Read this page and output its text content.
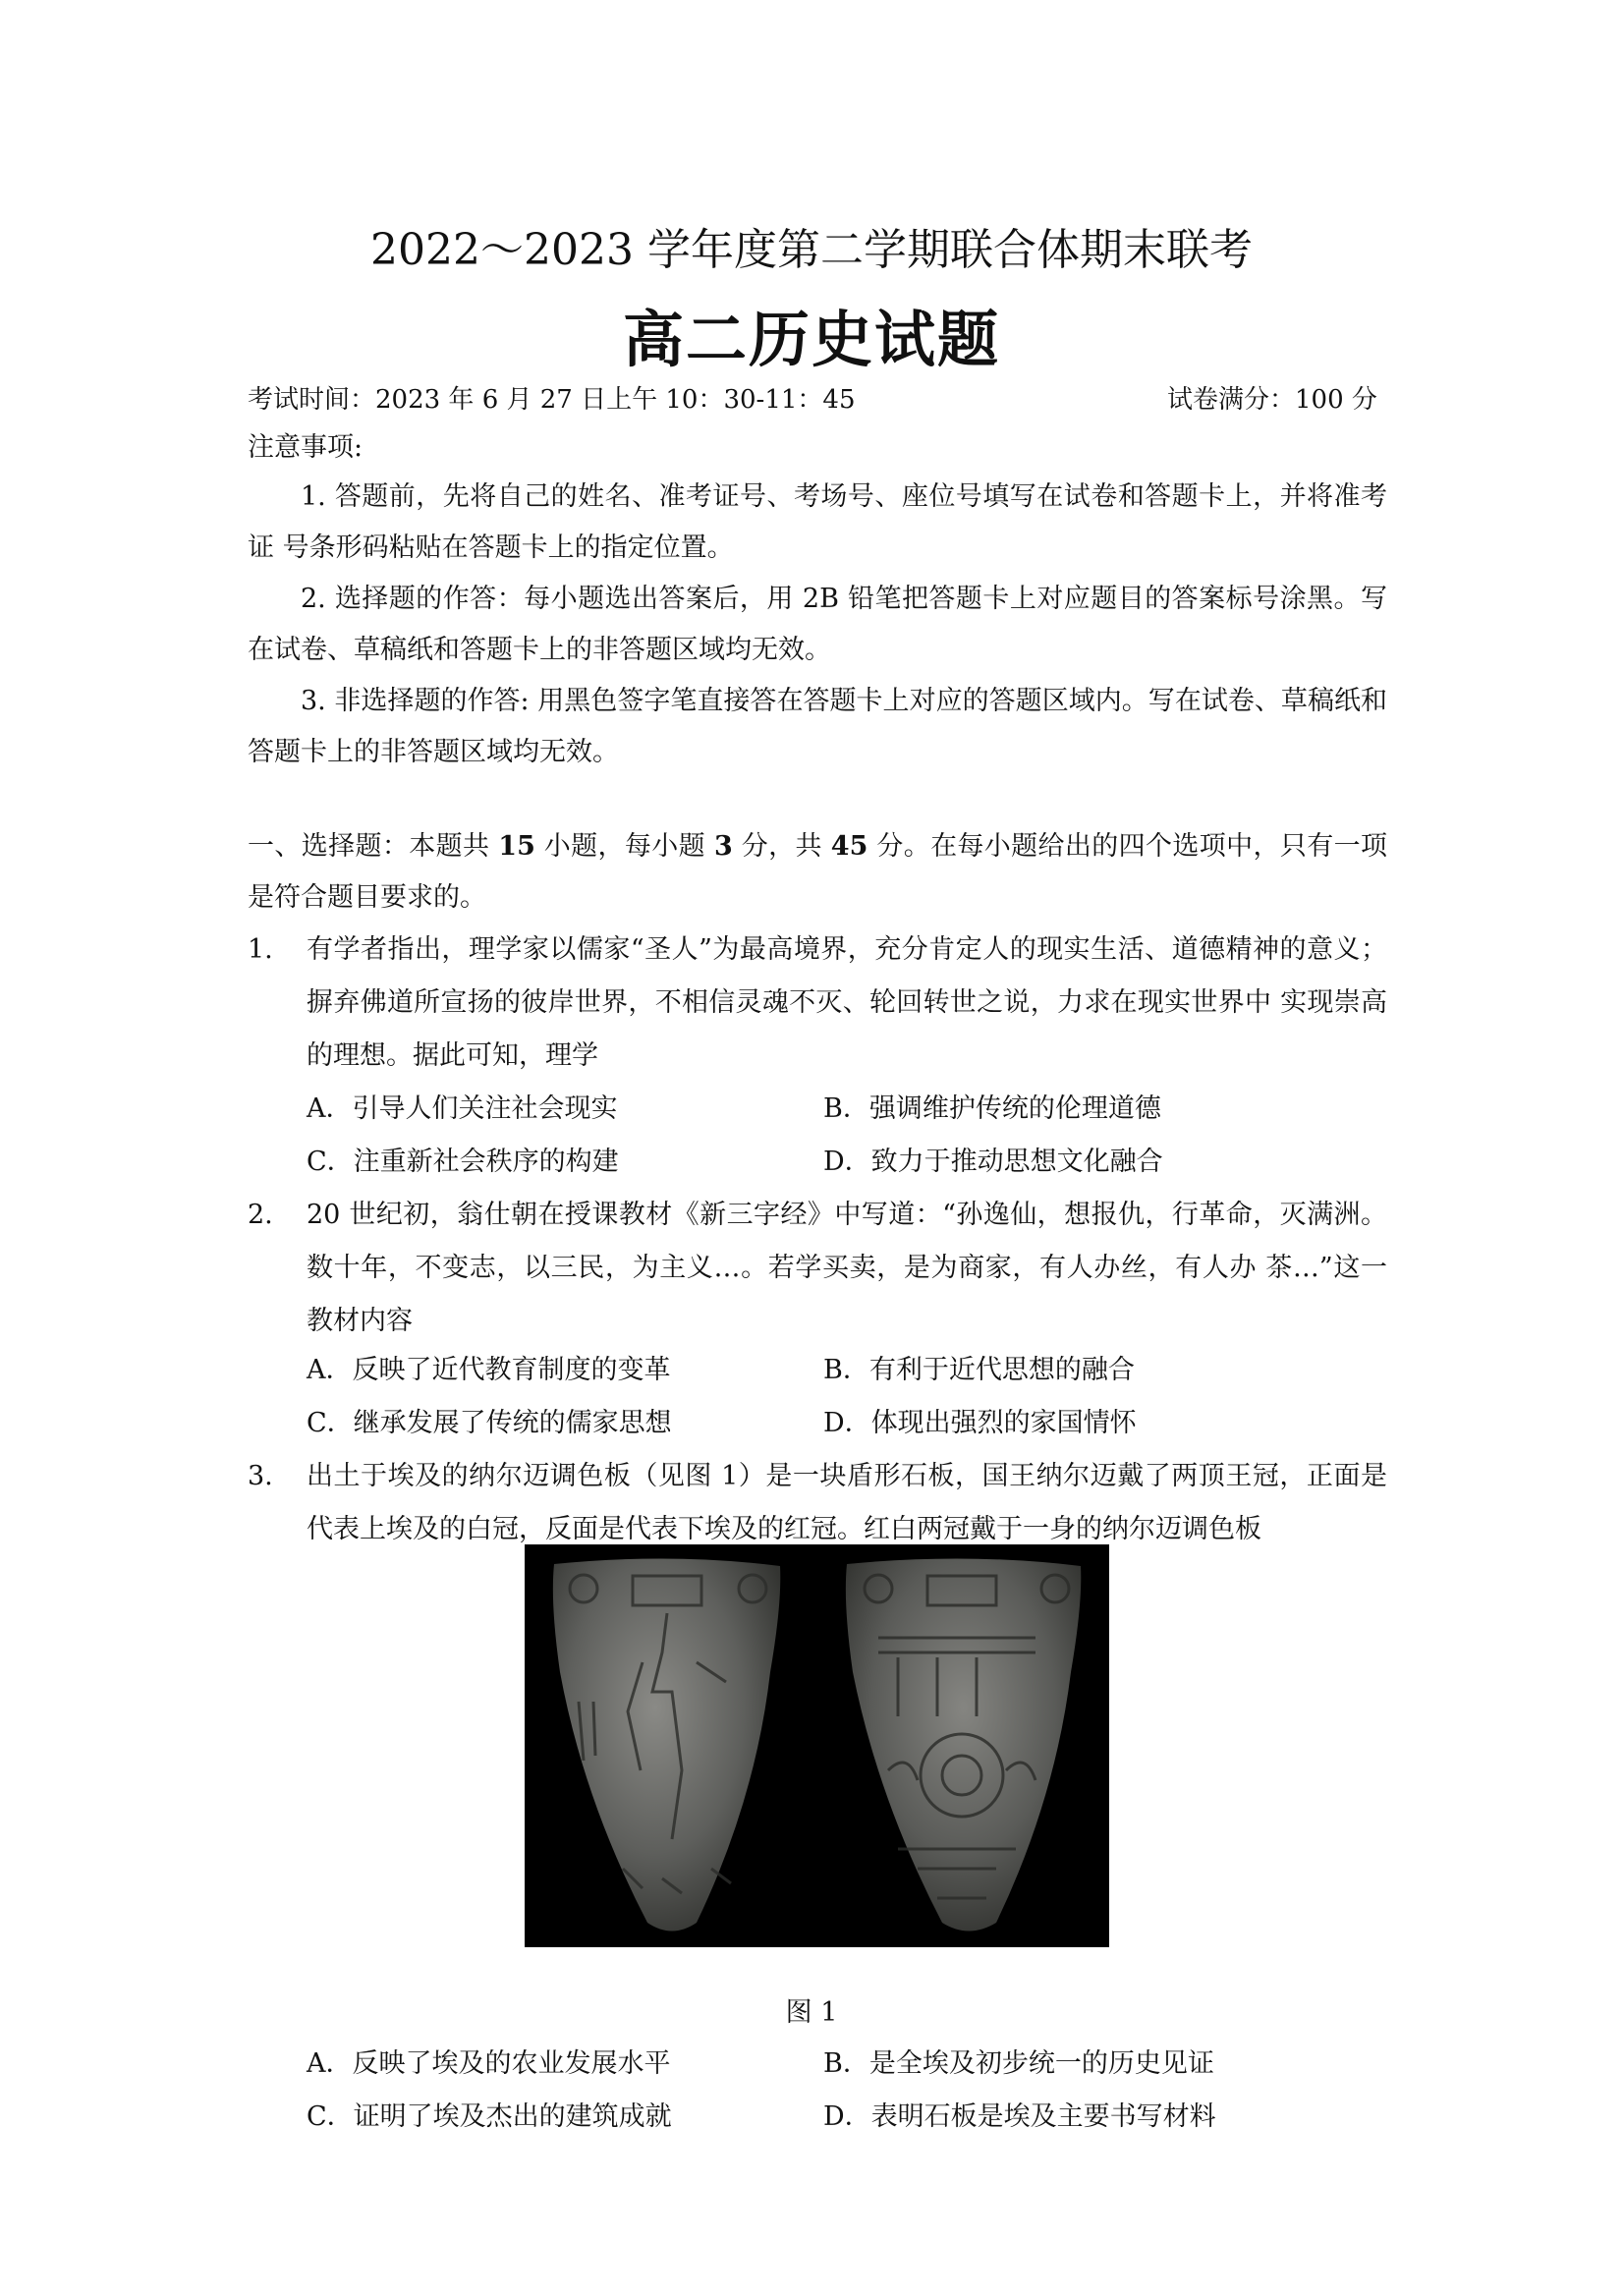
2022～2023 学年度第二学期联合体期末联考
高二历史试题
考试时间：2023 年 6 月 27 日上午 10：30-11：45	试卷满分：100 分
注意事项:
1. 答题前，先将自己的姓名、准考证号、考场号、座位号填写在试卷和答题卡上，并将准考证 号条形码粘贴在答题卡上的指定位置。
2. 选择题的作答：每小题选出答案后，用 2B 铅笔把答题卡上对应题目的答案标号涂黑。写在试卷、草稿纸和答题卡上的非答题区域均无效。
3. 非选择题的作答: 用黑色签字笔直接答在答题卡上对应的答题区域内。写在试卷、草稿纸和 答题卡上的非答题区域均无效。
一、选择题：本题共 15 小题，每小题 3 分，共 45 分。在每小题给出的四个选项中，只有一项是符合题目要求的。
1. 有学者指出，理学家以儒家“圣人”为最高境界，充分肯定人的现实生活、道德精神的意义；摒弃佛道所宣扬的彼岸世界，不相信灵魂不灭、轮回转世之说，力求在现实世界中 实现崇高的理想。据此可知，理学
A．引导人们关注社会现实	B．强调维护传统的伦理道德
C．注重新社会秩序的构建	D．致力于推动思想文化融合
2. 20 世纪初，翁仕朝在授课教材《新三字经》中写道：“孙逸仙，想报仇，行革命，灭满洲。数十年，不变志，以三民，为主义…。若学买卖，是为商家，有人办丝，有人办 茶…”这一教材内容
A．反映了近代教育制度的变革	B．有利于近代思想的融合
C．继承发展了传统的儒家思想	D．体现出强烈的家国情怀
3. 出土于埃及的纳尔迈调色板（见图 1）是一块盾形石板，国王纳尔迈戴了两顶王冠，正面是代表上埃及的白冠，反面是代表下埃及的红冠。红白两冠戴于一身的纳尔迈调色板
图 1
A．反映了埃及的农业发展水平	B．是全埃及初步统一的历史见证
C．证明了埃及杰出的建筑成就	D．表明石板是埃及主要书写材料
